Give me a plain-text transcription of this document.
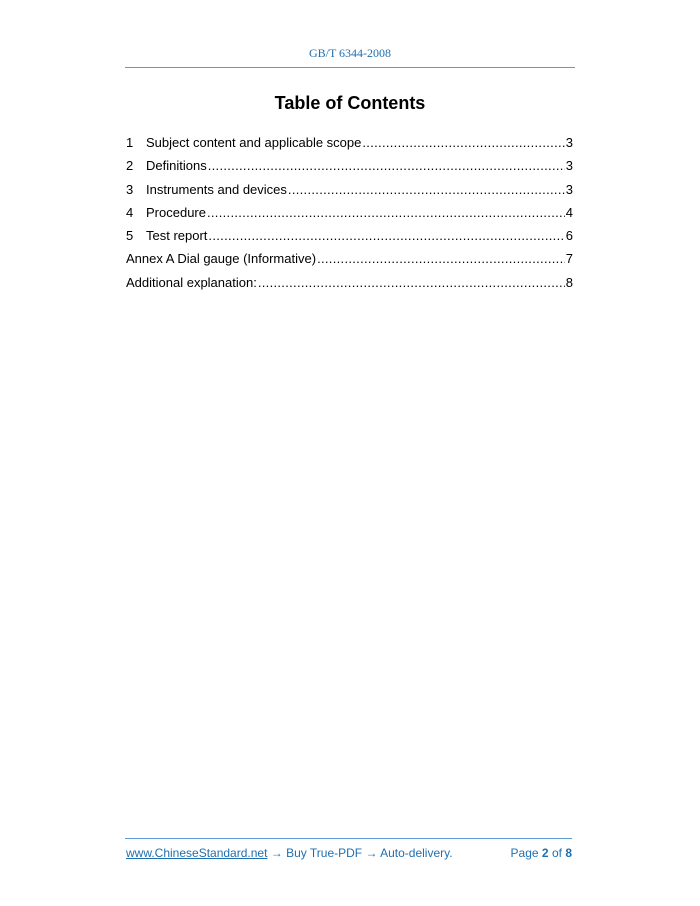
GB/T 6344-2008
Table of Contents
1 Subject content and applicable scope .....	3
2 Definitions .....	3
3 Instruments and devices .....	3
4 Procedure .....	4
5 Test report .....	6
Annex A Dial gauge (Informative) .....	7
Additional explanation: .....	8
www.ChineseStandard.net → Buy True-PDF → Auto-delivery.	Page 2 of 8
